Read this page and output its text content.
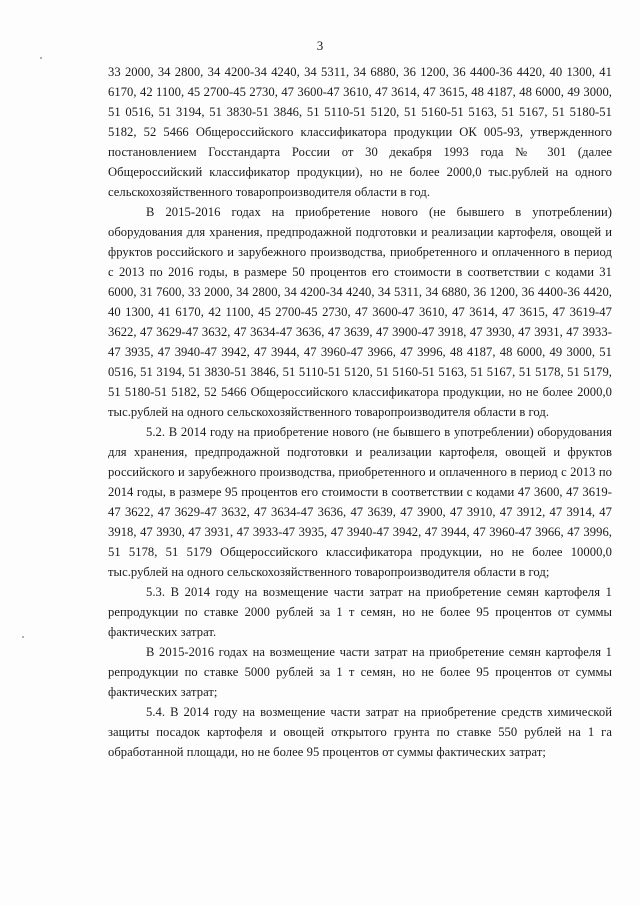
3

33 2000, 34 2800, 34 4200-34 4240, 34 5311, 34 6880, 36 1200, 36 4400-36 4420, 40 1300, 41 6170, 42 1100, 45 2700-45 2730, 47 3600-47 3610, 47 3614, 47 3615, 48 4187, 48 6000, 49 3000, 51 0516, 51 3194, 51 3830-51 3846, 51 5110-51 5120, 51 5160-51 5163, 51 5167, 51 5180-51 5182, 52 5466 Общероссийского классификатора продукции ОК 005-93, утвержденного постановлением Госстандарта России от 30 декабря 1993 года № 301 (далее Общероссийский классификатор продукции), но не более 2000,0 тыс.рублей на одного сельскохозяйственного товаропроизводителя области в год.

В 2015-2016 годах на приобретение нового (не бывшего в употреблении) оборудования для хранения, предпродажной подготовки и реализации картофеля, овощей и фруктов российского и зарубежного производства, приобретенного и оплаченного в период с 2013 по 2016 годы, в размере 50 процентов его стоимости в соответствии с кодами 31 6000, 31 7600, 33 2000, 34 2800, 34 4200-34 4240, 34 5311, 34 6880, 36 1200, 36 4400-36 4420, 40 1300, 41 6170, 42 1100, 45 2700-45 2730, 47 3600-47 3610, 47 3614, 47 3615, 47 3619-47 3622, 47 3629-47 3632, 47 3634-47 3636, 47 3639, 47 3900-47 3918, 47 3930, 47 3931, 47 3933-47 3935, 47 3940-47 3942, 47 3944, 47 3960-47 3966, 47 3996, 48 4187, 48 6000, 49 3000, 51 0516, 51 3194, 51 3830-51 3846, 51 5110-51 5120, 51 5160-51 5163, 51 5167, 51 5178, 51 5179, 51 5180-51 5182, 52 5466 Общероссийского классификатора продукции, но не более 2000,0 тыс.рублей на одного сельскохозяйственного товаропроизводителя области в год.

5.2. В 2014 году на приобретение нового (не бывшего в употреблении) оборудования для хранения, предпродажной подготовки и реализации картофеля, овощей и фруктов российского и зарубежного производства, приобретенного и оплаченного в период с 2013 по 2014 годы, в размере 95 процентов его стоимости в соответствии с кодами 47 3600, 47 3619-47 3622, 47 3629-47 3632, 47 3634-47 3636, 47 3639, 47 3900, 47 3910, 47 3912, 47 3914, 47 3918, 47 3930, 47 3931, 47 3933-47 3935, 47 3940-47 3942, 47 3944, 47 3960-47 3966, 47 3996, 51 5178, 51 5179 Общероссийского классификатора продукции, но не более 10000,0 тыс.рублей на одного сельскохозяйственного товаропроизводителя области в год;

5.3. В 2014 году на возмещение части затрат на приобретение семян картофеля 1 репродукции по ставке 2000 рублей за 1 т семян, но не более 95 процентов от суммы фактических затрат.

В 2015-2016 годах на возмещение части затрат на приобретение семян картофеля 1 репродукции по ставке 5000 рублей за 1 т семян, но не более 95 процентов от суммы фактических затрат;

5.4. В 2014 году на возмещение части затрат на приобретение средств химической защиты посадок картофеля и овощей открытого грунта по ставке 550 рублей на 1 га обработанной площади, но не более 95 процентов от суммы фактических затрат;
